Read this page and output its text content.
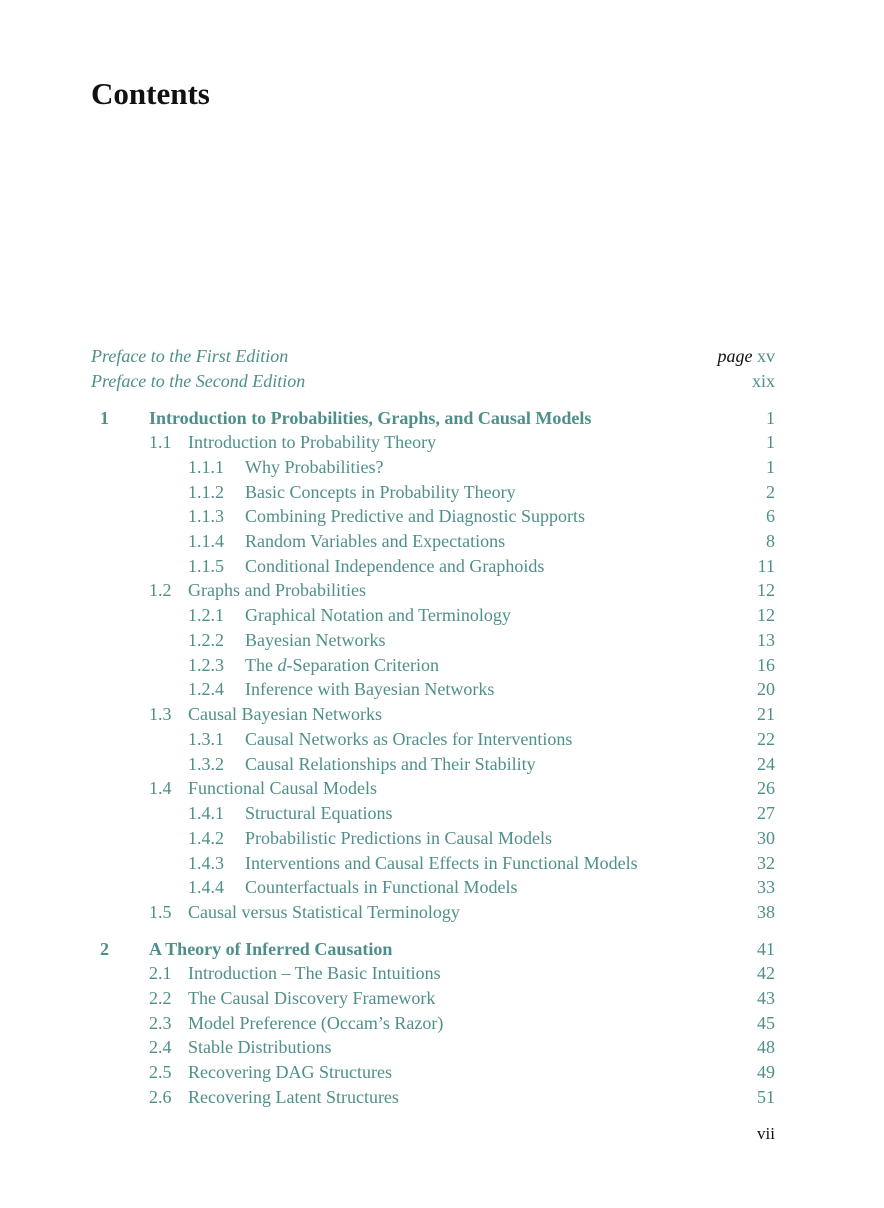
Contents
Preface to the First Edition	page xv
Preface to the Second Edition	xix
1 Introduction to Probabilities, Graphs, and Causal Models	1
1.1 Introduction to Probability Theory	1
1.1.1 Why Probabilities?	1
1.1.2 Basic Concepts in Probability Theory	2
1.1.3 Combining Predictive and Diagnostic Supports	6
1.1.4 Random Variables and Expectations	8
1.1.5 Conditional Independence and Graphoids	11
1.2 Graphs and Probabilities	12
1.2.1 Graphical Notation and Terminology	12
1.2.2 Bayesian Networks	13
1.2.3 The d-Separation Criterion	16
1.2.4 Inference with Bayesian Networks	20
1.3 Causal Bayesian Networks	21
1.3.1 Causal Networks as Oracles for Interventions	22
1.3.2 Causal Relationships and Their Stability	24
1.4 Functional Causal Models	26
1.4.1 Structural Equations	27
1.4.2 Probabilistic Predictions in Causal Models	30
1.4.3 Interventions and Causal Effects in Functional Models	32
1.4.4 Counterfactuals in Functional Models	33
1.5 Causal versus Statistical Terminology	38
2 A Theory of Inferred Causation	41
2.1 Introduction – The Basic Intuitions	42
2.2 The Causal Discovery Framework	43
2.3 Model Preference (Occam’s Razor)	45
2.4 Stable Distributions	48
2.5 Recovering DAG Structures	49
2.6 Recovering Latent Structures	51
vii
